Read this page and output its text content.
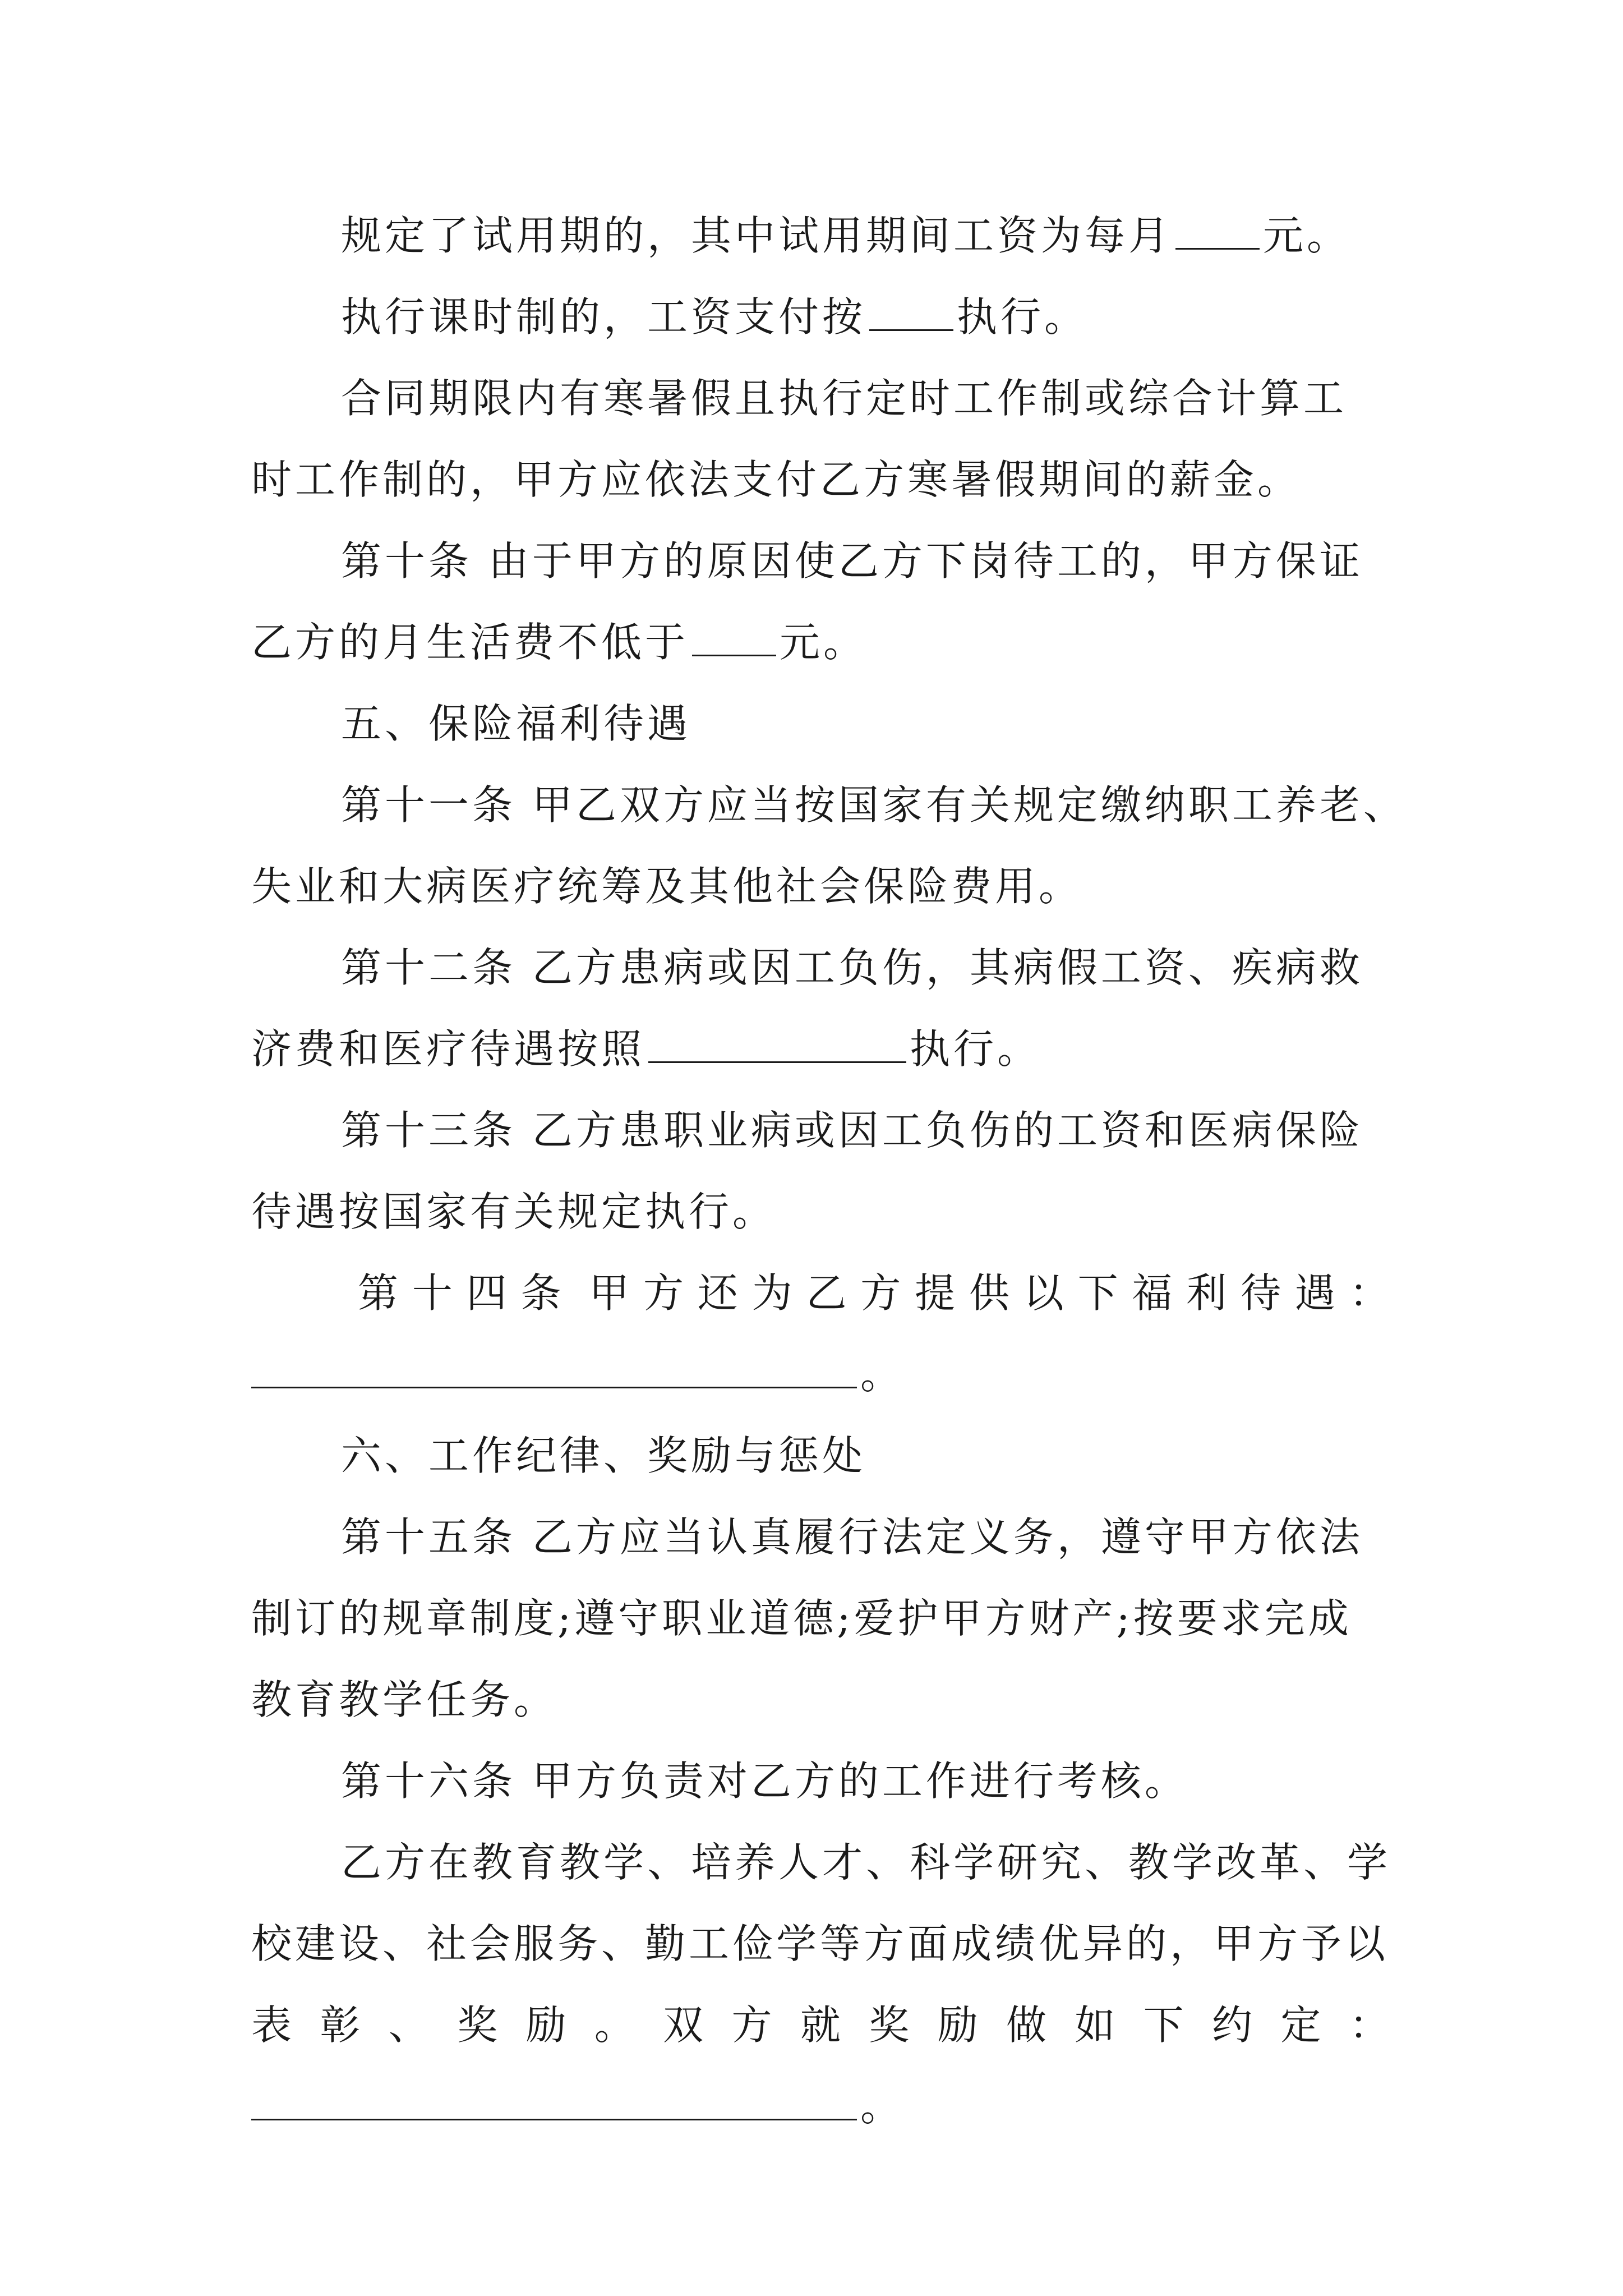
规定了试用期的，其中试用期间工资为每月 元。
执行课时制的，工资支付按 执行。
合同期限内有寒暑假且执行定时工作制或综合计算工
时工作制的，甲方应依法支付乙方寒暑假期间的薪金。
第十条 由于甲方的原因使乙方下岗待工的，甲方保证
乙方的月生活费不低于 元。
五、保险福利待遇
第十一条 甲乙双方应当按国家有关规定缴纳职工养老、
失业和大病医疗统筹及其他社会保险费用。
第十二条 乙方患病或因工负伤，其病假工资、疾病救
济费和医疗待遇按照	执行。
第十三条 乙方患职业病或因工负伤的工资和医病保险
待遇按国家有关规定执行。
第 十 四 条 甲 方 还 为 乙 方 提 供 以 下 福 利 待 遇 ：
。
六、工作纪律、奖励与惩处
第十五条 乙方应当认真履行法定义务，遵守甲方依法
制订的规章制度;遵守职业道德;爱护甲方财产;按要求完成
教育教学任务。
第十六条 甲方负责对乙方的工作进行考核。
乙方在教育教学、培养人才、科学研究、教学改革、学
校建设、社会服务、勤工俭学等方面成绩优异的，甲方予以
表 彰 、 奖 励 。 双 方 就 奖 励 做 如 下 约 定 ：
。
